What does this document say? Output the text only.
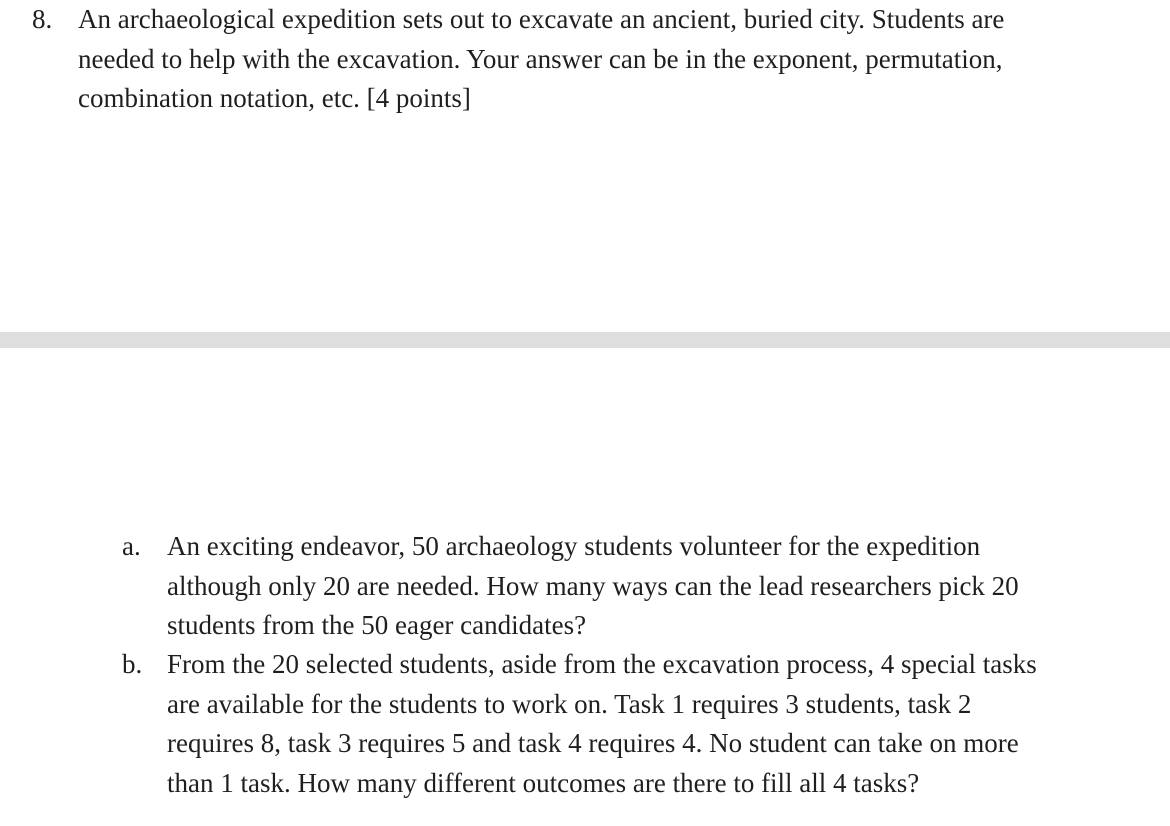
8. An archaeological expedition sets out to excavate an ancient, buried city. Students are
needed to help with the excavation. Your answer can be in the exponent, permutation,
combination notation, etc. [4 points]
a. An exciting endeavor, 50 archaeology students volunteer for the expedition
although only 20 are needed. How many ways can the lead researchers pick 20
students from the 50 eager candidates?
b. From the 20 selected students, aside from the excavation process, 4 special tasks
are available for the students to work on. Task 1 requires 3 students, task 2
requires 8, task 3 requires 5 and task 4 requires 4. No student can take on more
than 1 task. How many different outcomes are there to fill all 4 tasks?
